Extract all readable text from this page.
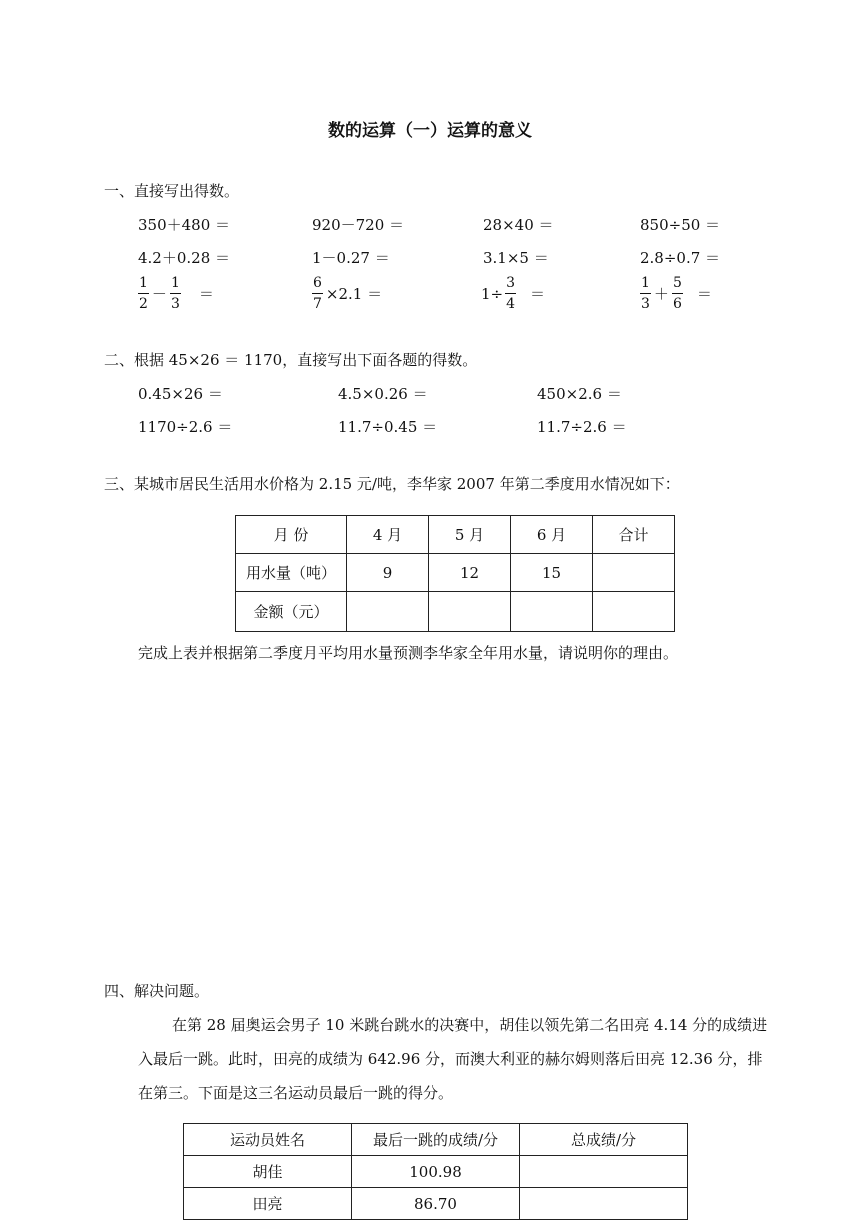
数的运算（一）运算的意义
一、直接写出得数。
350＋480 ＝	920－720 ＝	28×40 ＝	850÷50 ＝
4.2＋0.28 ＝	1－0.27 ＝	3.1×5 ＝	2.8÷0.7 ＝
$\frac{1}{2} - \frac{1}{3}$ ＝	$\frac{6}{7} \times 2.1$ ＝	$1\div \frac{3}{4}$ ＝	$\frac{1}{3} + \frac{5}{6}$ ＝
二、根据 45×26 ＝ 1170，直接写出下面各题的得数。
0.45×26 ＝	4.5×0.26 ＝	450×2.6 ＝
1170÷2.6 ＝	11.7÷0.45 ＝	11.7÷2.6 ＝
三、某城市居民生活用水价格为 2.15 元/吨，李华家 2007 年第二季度用水情况如下：
月 份	4 月	5 月	6 月	合计
用水量（吨）	9	12	15	
金额（元）				
完成上表并根据第二季度月平均用水量预测李华家全年用水量，请说明你的理由。
四、解决问题。
在第 28 届奥运会男子 10 米跳台跳水的决赛中，胡佳以领先第二名田亮 4.14 分的成绩进入最后一跳。此时，田亮的成绩为 642.96 分，而澳大利亚的赫尔姆则落后田亮 12.36 分，排在第三。下面是这三名运动员最后一跳的得分。
运动员姓名	最后一跳的成绩/分	总成绩/分
胡佳	100.98	
田亮	86.70	
